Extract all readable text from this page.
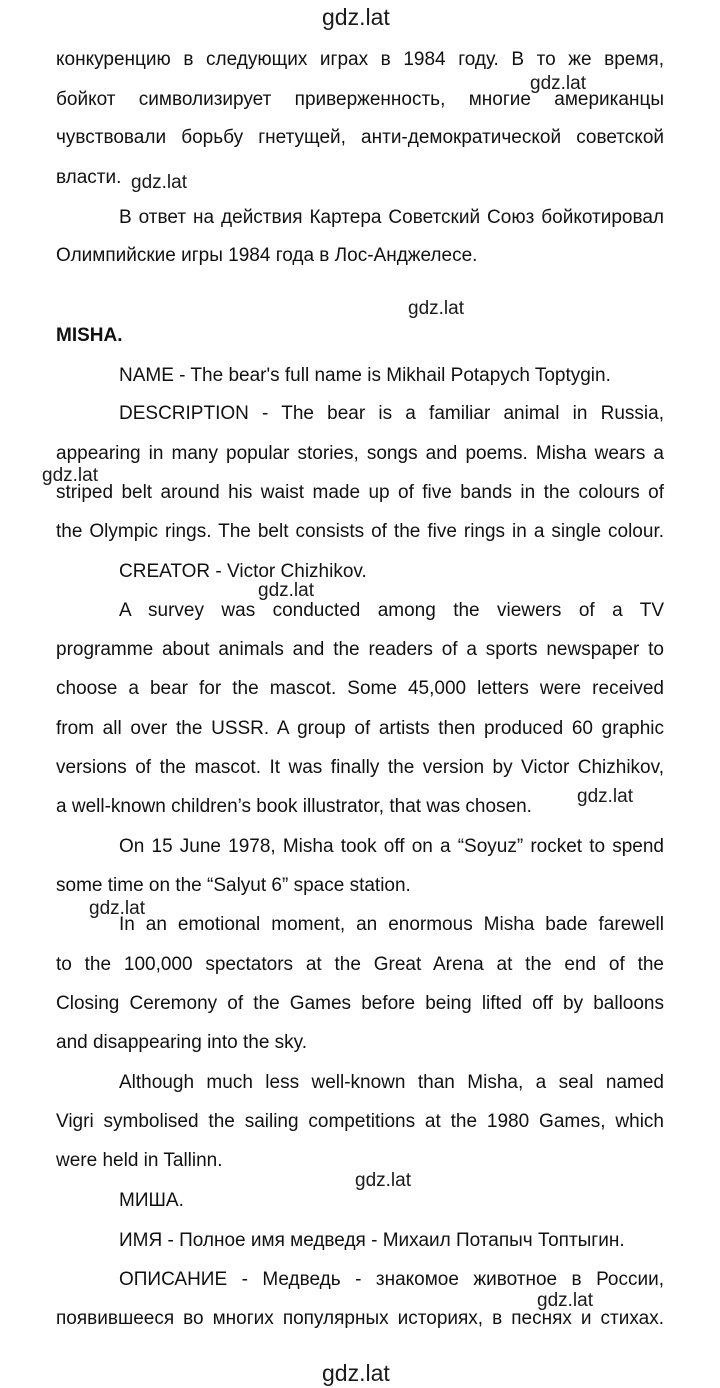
gdz.lat
gdz.lat
gdz.lat
gdz.lat
gdz.lat
gdz.lat
gdz.lat
gdz.lat
gdz.lat
gdz.lat
gdz.lat
конкуренцию в следующих играх в 1984 году. В то же время,
бойкот символизирует приверженность, многие американцы
чувствовали борьбу гнетущей, анти-демократической советской
власти.
В ответ на действия Картера Советский Союз бойкотировал
Олимпийские игры 1984 года в Лос-Анджелесе.
MISHA.
NAME - The bear's full name is Mikhail Potapych Toptygin.
DESCRIPTION - The bear is a familiar animal in Russia,
appearing in many popular stories, songs and poems. Misha wears a
striped belt around his waist made up of five bands in the colours of
the Olympic rings. The belt consists of the five rings in a single colour.
CREATOR - Victor Chizhikov.
A survey was conducted among the viewers of a TV
programme about animals and the readers of a sports newspaper to
choose a bear for the mascot. Some 45,000 letters were received
from all over the USSR. A group of artists then produced 60 graphic
versions of the mascot. It was finally the version by Victor Chizhikov,
a well-known children’s book illustrator, that was chosen.
On 15 June 1978, Misha took off on a “Soyuz” rocket to spend
some time on the “Salyut 6” space station.
In an emotional moment, an enormous Misha bade farewell
to the 100,000 spectators at the Great Arena at the end of the
Closing Ceremony of the Games before being lifted off by balloons
and disappearing into the sky.
Although much less well-known than Misha, a seal named
Vigri symbolised the sailing competitions at the 1980 Games, which
were held in Tallinn.
МИША.
ИМЯ - Полное имя медведя - Михаил Потапыч Топтыгин.
ОПИСАНИЕ - Медведь - знакомое животное в России,
появившееся во многих популярных историях, в песнях и стихах.
